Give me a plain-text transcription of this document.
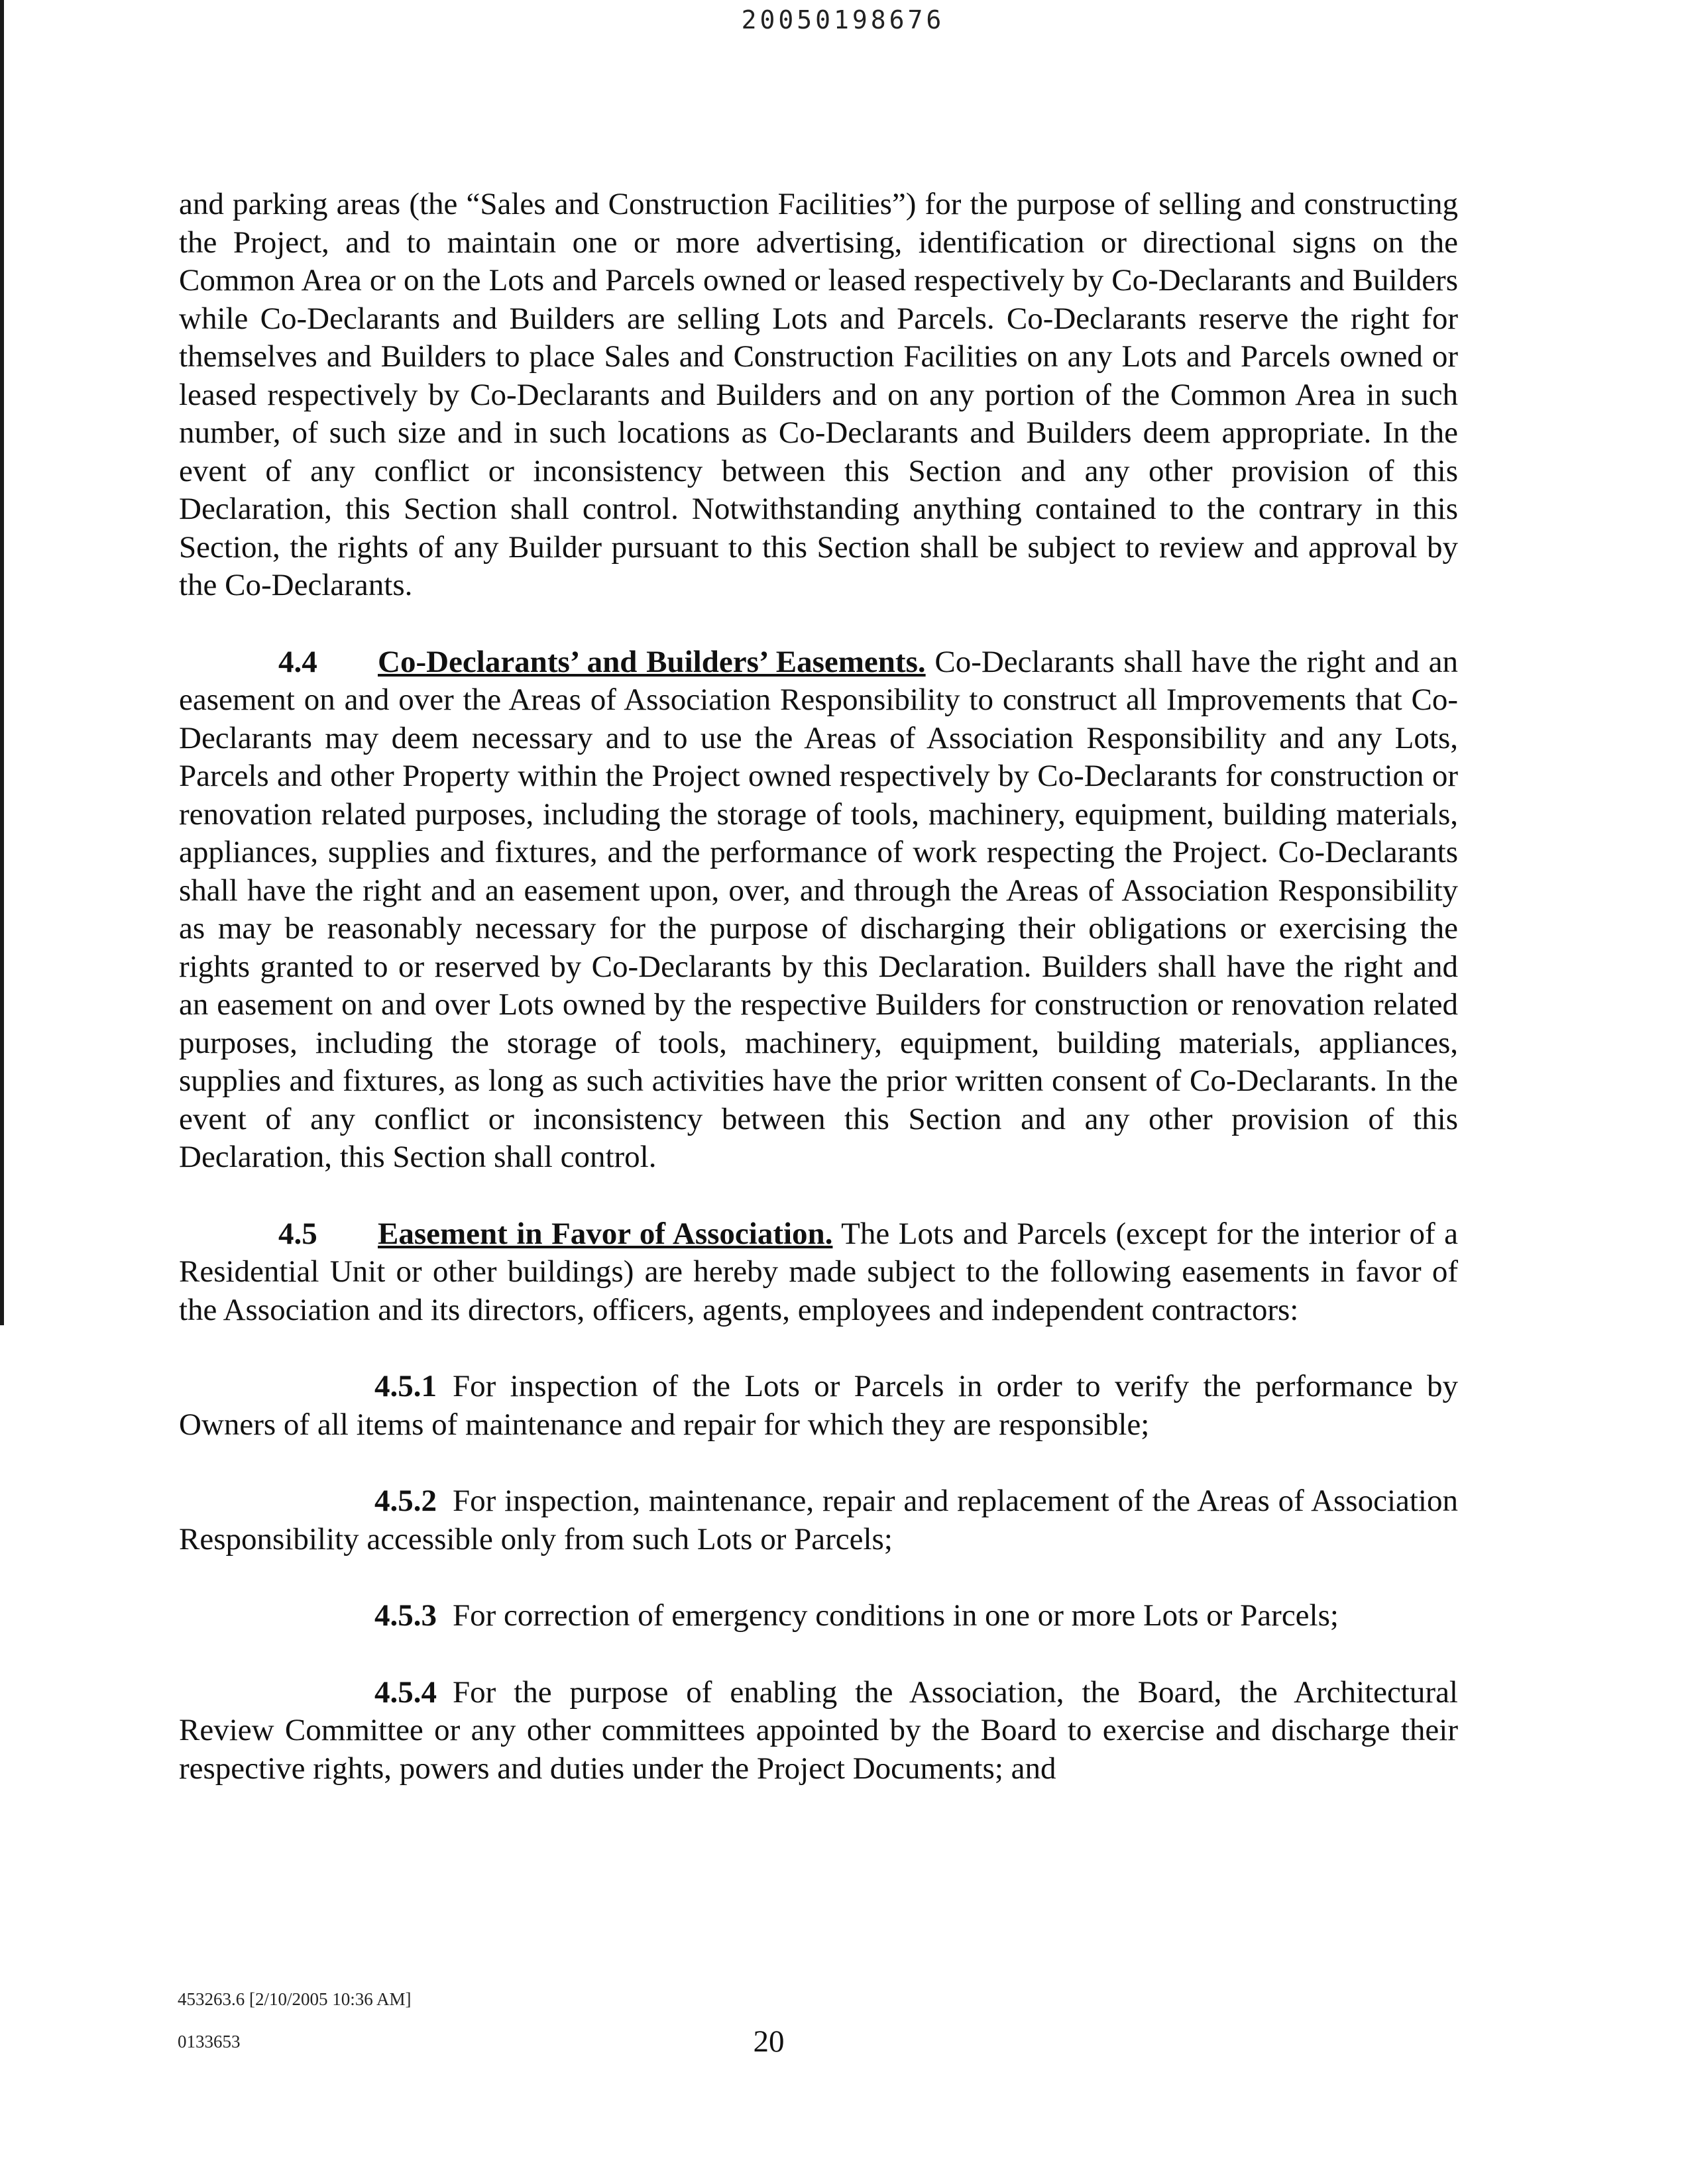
20050198676

and parking areas (the “Sales and Construction Facilities”) for the purpose of selling and constructing the Project, and to maintain one or more advertising, identification or directional signs on the Common Area or on the Lots and Parcels owned or leased respectively by Co-Declarants and Builders while Co-Declarants and Builders are selling Lots and Parcels. Co-Declarants reserve the right for themselves and Builders to place Sales and Construction Facilities on any Lots and Parcels owned or leased respectively by Co-Declarants and Builders and on any portion of the Common Area in such number, of such size and in such locations as Co-Declarants and Builders deem appropriate. In the event of any conflict or inconsistency between this Section and any other provision of this Declaration, this Section shall control. Notwithstanding anything contained to the contrary in this Section, the rights of any Builder pursuant to this Section shall be subject to review and approval by the Co-Declarants.

4.4 Co-Declarants’ and Builders’ Easements. Co-Declarants shall have the right and an easement on and over the Areas of Association Responsibility to construct all Improvements that Co-Declarants may deem necessary and to use the Areas of Association Responsibility and any Lots, Parcels and other Property within the Project owned respectively by Co-Declarants for construction or renovation related purposes, including the storage of tools, machinery, equipment, building materials, appliances, supplies and fixtures, and the performance of work respecting the Project. Co-Declarants shall have the right and an easement upon, over, and through the Areas of Association Responsibility as may be reasonably necessary for the purpose of discharging their obligations or exercising the rights granted to or reserved by Co-Declarants by this Declaration. Builders shall have the right and an easement on and over Lots owned by the respective Builders for construction or renovation related purposes, including the storage of tools, machinery, equipment, building materials, appliances, supplies and fixtures, as long as such activities have the prior written consent of Co-Declarants. In the event of any conflict or inconsistency between this Section and any other provision of this Declaration, this Section shall control.

4.5 Easement in Favor of Association. The Lots and Parcels (except for the interior of a Residential Unit or other buildings) are hereby made subject to the following easements in favor of the Association and its directors, officers, agents, employees and independent contractors:

4.5.1 For inspection of the Lots or Parcels in order to verify the performance by Owners of all items of maintenance and repair for which they are responsible;

4.5.2 For inspection, maintenance, repair and replacement of the Areas of Association Responsibility accessible only from such Lots or Parcels;

4.5.3 For correction of emergency conditions in one or more Lots or Parcels;

4.5.4 For the purpose of enabling the Association, the Board, the Architectural Review Committee or any other committees appointed by the Board to exercise and discharge their respective rights, powers and duties under the Project Documents; and

453263.6 [2/10/2005 10:36 AM]
0133653	20
